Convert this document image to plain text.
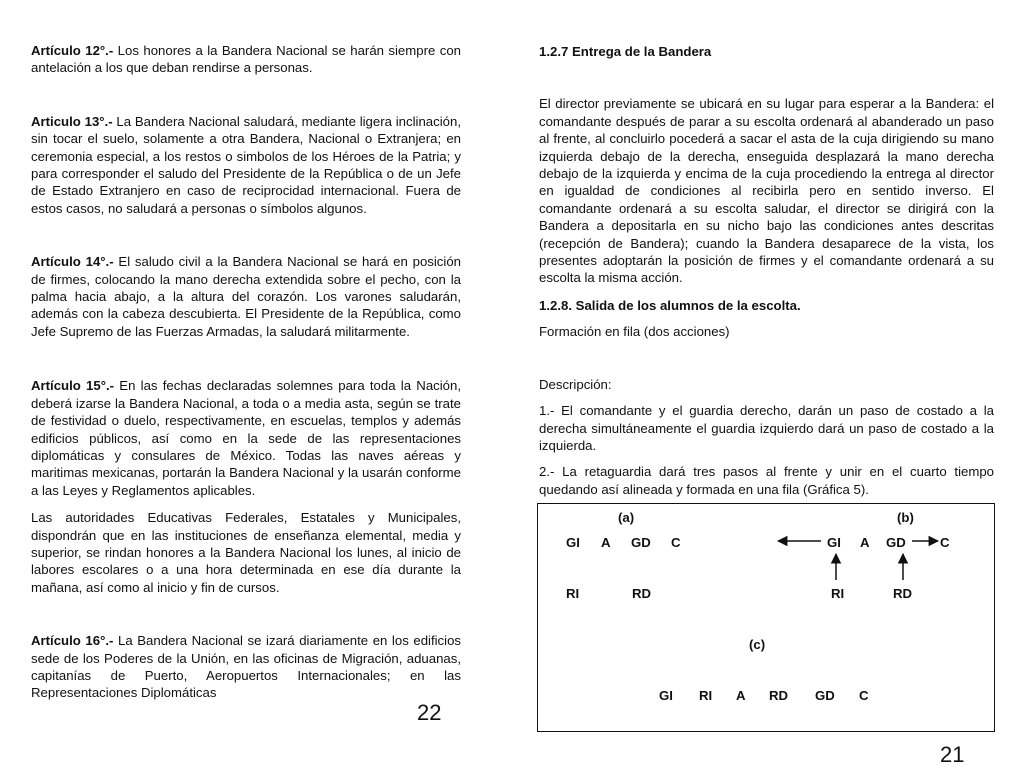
Artículo 12°.- Los honores a la Bandera Nacional se harán siempre con antelación a los que deban rendirse a personas.

Articulo 13°.- La Bandera Nacional saludará, mediante ligera inclinación, sin tocar el suelo, solamente a otra Bandera, Nacional o Extranjera; en ceremonia especial, a los restos o simbolos de los Héroes de la Patria; y para corresponder el saludo del Presidente de la República o de un Jefe de Estado Extranjero en caso de reciprocidad internacional. Fuera de estos casos, no saludará a personas o símbolos algunos.

Artículo 14°.- El saludo civil a la Bandera Nacional se hará en posición de firmes, colocando la mano derecha extendida sobre el pecho, con la palma hacia abajo, a la altura del corazón. Los varones saludarán, además con la cabeza descubierta. El Presidente de la República, como Jefe Supremo de las Fuerzas Armadas, la saludará militarmente.

Artículo 15°.- En las fechas declaradas solemnes para toda la Nación, deberá izarse la Bandera Nacional, a toda o a media asta, según se trate de festividad o duelo, respectivamente, en escuelas, templos y además edificios públicos, así como en la sede de las representaciones diplomáticas y consulares de México. Todas las naves aéreas y maritimas mexicanas, portarán la Bandera Nacional y la usarán conforme a las Leyes y Reglamentos aplicables.

Las autoridades Educativas Federales, Estatales y Municipales, dispondrán que en las instituciones de enseñanza elemental, media y superior, se rindan honores a la Bandera Nacional los lunes, al inicio de labores escolares o a una hora determinada en ese día durante la mañana, así como al inicio y fin de cursos.

Artículo 16°.- La Bandera Nacional se izará diariamente en los edificios sede de los Poderes de la Unión, en las oficinas de Migración, aduanas, capitanías de Puerto, Aeropuertos Internacionales; en las Representaciones Diplomáticas

22
1.2.7 Entrega de la Bandera

El director previamente se ubicará en su lugar para esperar a la Bandera: el comandante después de parar a su escolta ordenará al abanderado un paso al frente, al concluirlo poc​ederá a sacar el asta de la cuja dirigiendo su mano izquierda debajo de la derecha, enseguida desplazará la mano derecha debajo de la izquierda y encima de la cuja procediendo la entrega al director en igualdad de condiciones al recibirla pero en sentido inverso. El comandante ordenará a su escolta saludar, el director se dirigirá con la Bandera a depositarla en su nicho bajo las condiciones antes descritas (recepción de Bandera); cuando la Bandera desaparece de la vista, los presentes adoptarán la posición de firmes y el comandante ordenará a su escolta la misma acción.

1.2.8. Salida de los alumnos de la escolta.

Formación en fila (dos acciones)

Descripción:

1.- El comandante y el guardia derecho, darán un paso de costado a la derecha simultáneamente el guardia izquierdo dará un paso de costado a la izquierda.

2.- La retaguardia dará tres pasos al frente y unir en el cuarto tiempo quedando así alineada y formada en una fila (Gráfica 5).

(a)	(b)
GI A GD C
RI	RD
GI A GD	C
RI	RD
(c)
GI RI A RD GD C
21
